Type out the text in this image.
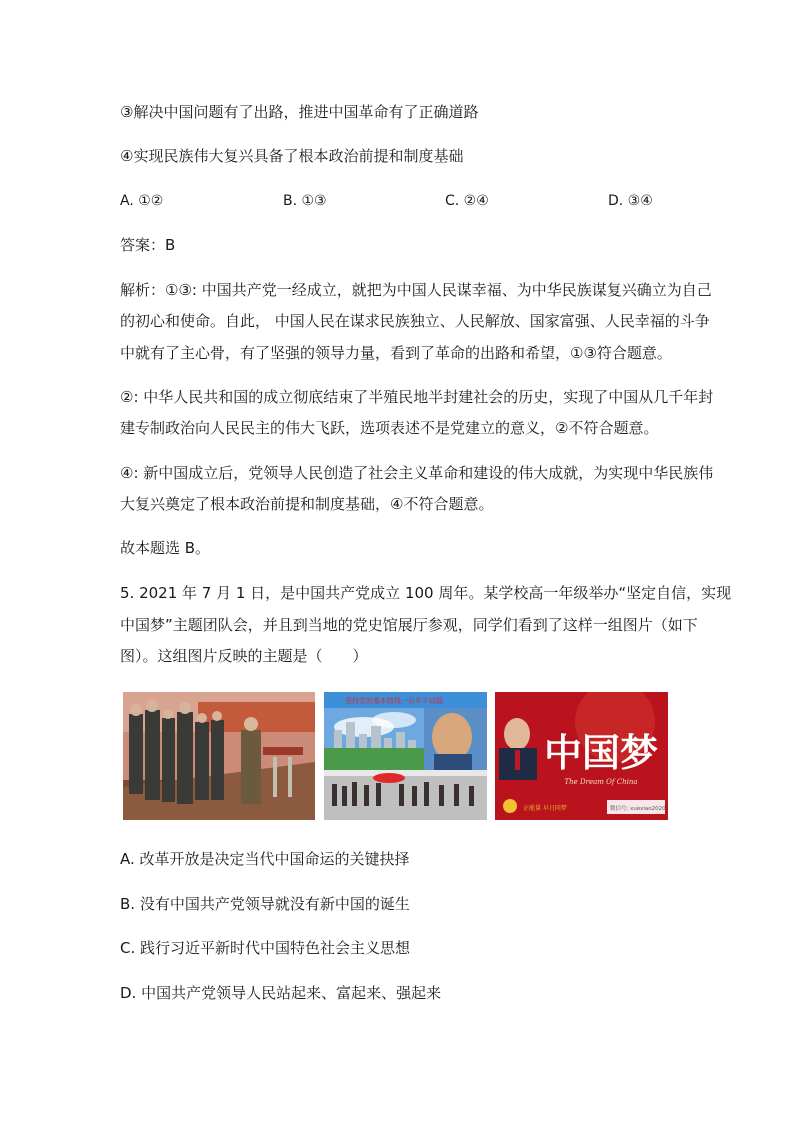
③解决中国问题有了出路，推进中国革命有了正确道路
④实现民族伟大复兴具备了根本政治前提和制度基础
A. ①②	B. ①③	C. ②④	D. ③④
答案：B
解析：①③: 中国共产党一经成立，就把为中国人民谋幸福、为中华民族谋复兴确立为自己
的初心和使命。自此， 中国人民在谋求民族独立、人民解放、国家富强、人民幸福的斗争
中就有了主心骨，有了坚强的领导力量，看到了革命的出路和希望，①③符合题意。
②: 中华人民共和国的成立彻底结束了半殖民地半封建社会的历史，实现了中国从几千年封
建专制政治向人民民主的伟大飞跃，选项表述不是党建立的意义，②不符合题意。
④: 新中国成立后，党领导人民创造了社会主义革命和建设的伟大成就，为实现中华民族伟
大复兴奠定了根本政治前提和制度基础，④不符合题意。
故本题选 B。
5. 2021 年 7 月 1 日，是中国共产党成立 100 周年。某学校高一年级举办“坚定自信，实现
中国梦”主题团队会，并且到当地的党史馆展厅参观，同学们看到了这样一组图片（如下
图）。这组图片反映的主题是（　　）
坚持党的基本路线一百年不动摇
中国梦
The Dream Of China
正能量 早日同梦	微信号: xuexiao2020
A. 改革开放是决定当代中国命运的关键抉择
B. 没有中国共产党领导就没有新中国的诞生
C. 践行习近平新时代中国特色社会主义思想
D. 中国共产党领导人民站起来、富起来、强起来
